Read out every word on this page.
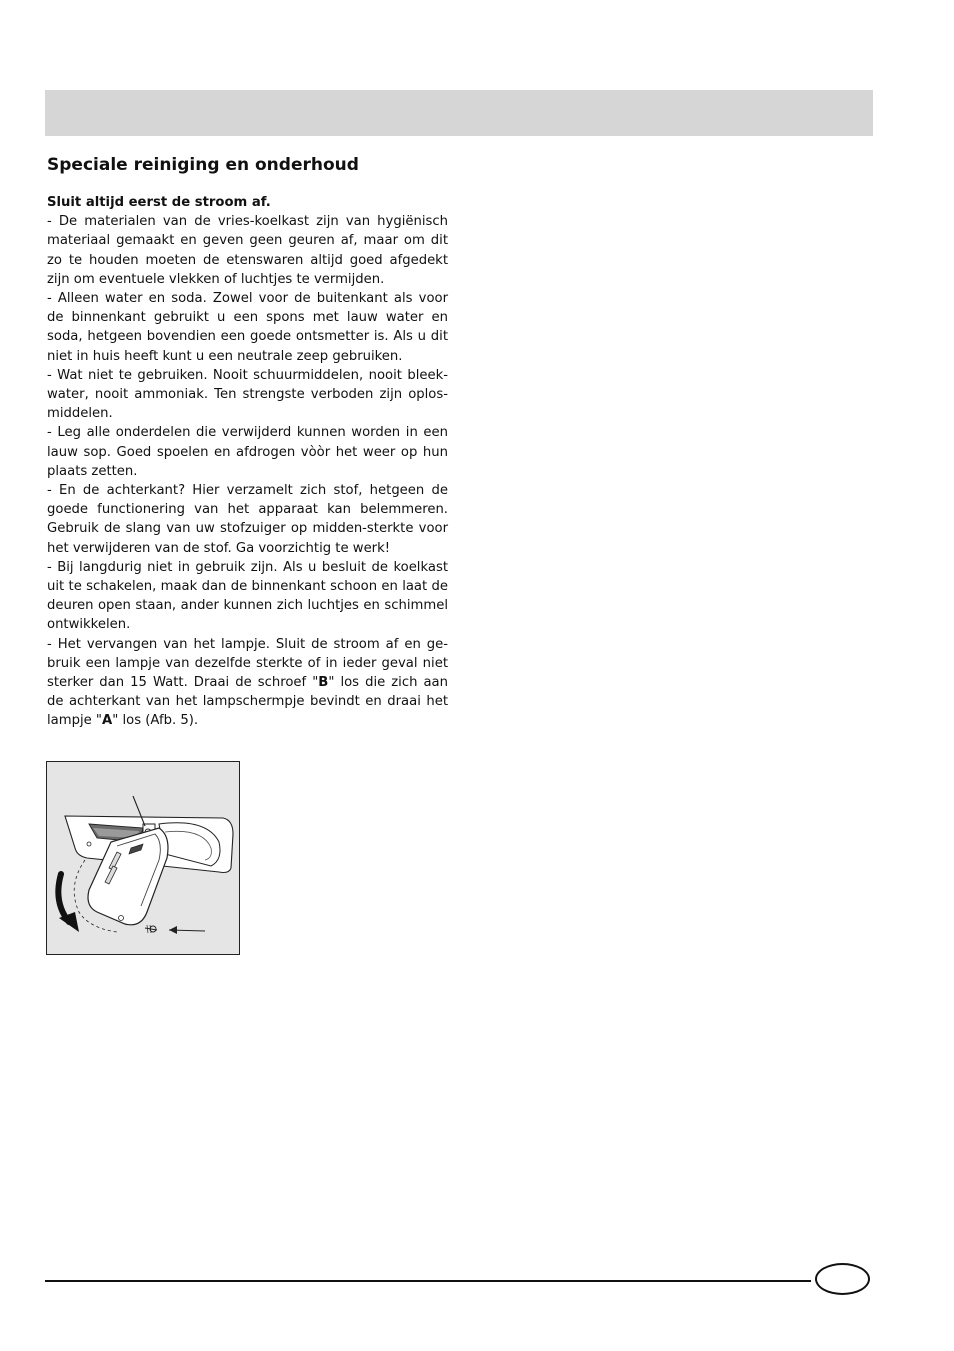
Speciale reiniging en onderhoud

Sluit altijd eerst de stroom af.

- De materialen van de vries-koelkast zijn van hygiënisch materiaal gemaakt en geven geen geuren af, maar om dit zo te houden moeten de etenswaren altijd goed afgedekt zijn om eventuele vlekken of luchtjes te vermijden.

- Alleen water en soda. Zowel voor de buitenkant als voor de binnenkant gebruikt u een spons met lauw water en soda, hetgeen bovendien een goede ontsmetter is. Als u dit niet in huis heeft kunt u een neutrale zeep gebruiken.

- Wat niet te gebruiken. Nooit schuurmiddelen, nooit bleek-water, nooit ammoniak. Ten strengste verboden zijn oplos-middelen.

- Leg alle onderdelen die verwijderd kunnen worden in een lauw sop. Goed spoelen en afdrogen vòòr het weer op hun plaats zetten.

- En de achterkant? Hier verzamelt zich stof, hetgeen de goede functionering van het apparaat kan belemmeren. Gebruik de slang van uw stofzuiger op midden-sterkte voor het verwijderen van de stof. Ga voorzichtig te werk!

- Bij langdurig niet in gebruik zijn. Als u besluit de koelkast uit te schakelen, maak dan de binnenkant schoon en laat de deuren open staan, ander kunnen zich luchtjes en schimmel ontwikkelen.

- Het vervangen van het lampje. Sluit de stroom af en ge-bruik een lampje van dezelfde sterkte of in ieder geval niet sterker dan 15 Watt. Draai de schroef "B" los die zich aan de achterkant van het lampschermpje bevindt en draai het lampje "A" los (Afb. 5).
